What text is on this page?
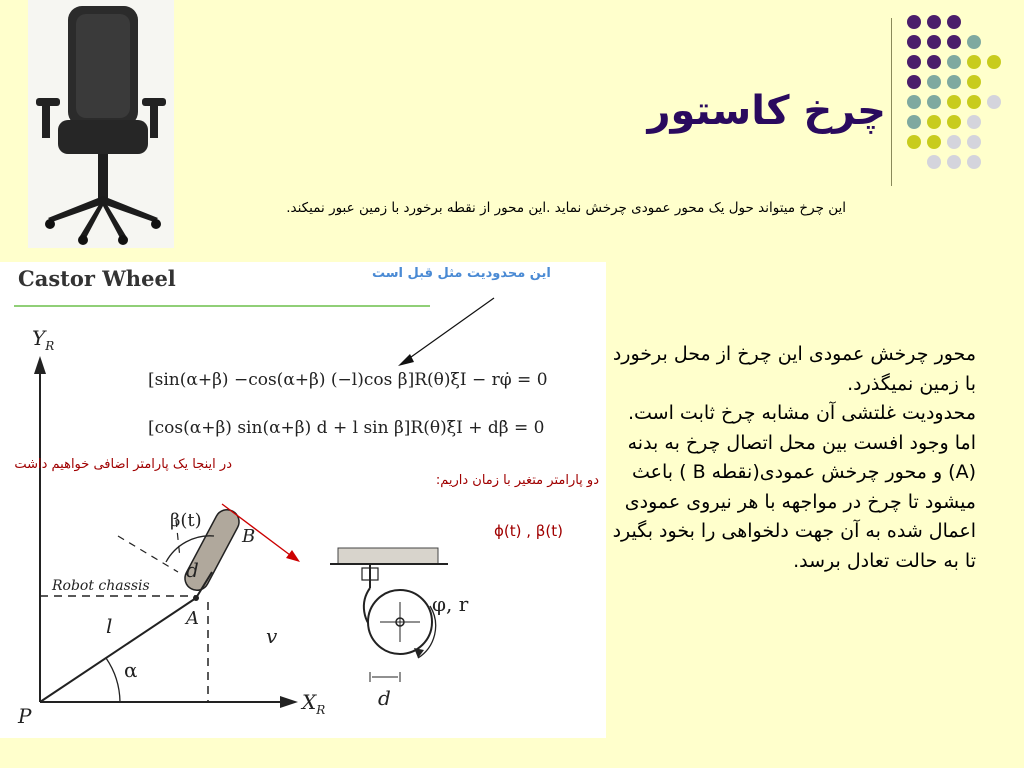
چرخ کاستور
این چرخ میتواند حول یک محور عمودی چرخش نماید .این محور از نقطه برخورد با زمین عبور نمیکند.
Castor Wheel
[sin(α+β) −cos(α+β) (−l)cos β]R(θ)ξ̇I − rφ̇ = 0
[cos(α+β) sin(α+β) d + l sin β]R(θ)ξ̇I + dβ̇ = 0
$Y_R$
$X_R$
P
A
B
l
d
v
α
β(t)
φ, r
d
Robot chassis
این محدودیت مثل قبل است
در اینجا یک پارامتر اضافی خواهیم داشت
دو پارامتر متغیر با زمان داریم:
ϕ(t) , β(t)

محور چرخش عمودی این چرخ از محل برخورد با زمین نمیگذرد.

محدودیت غلتشی آن مشابه چرخ ثابت است.

اما وجود افست بین محل اتصال چرخ به بدنه (A) و محور چرخش عمودی(نقطه B ) باعث میشود تا چرخ در مواجهه با هر نیروی عمودی اعمال شده به آن جهت دلخواهی را بخود بگیرد تا به حالت تعادل برسد.
